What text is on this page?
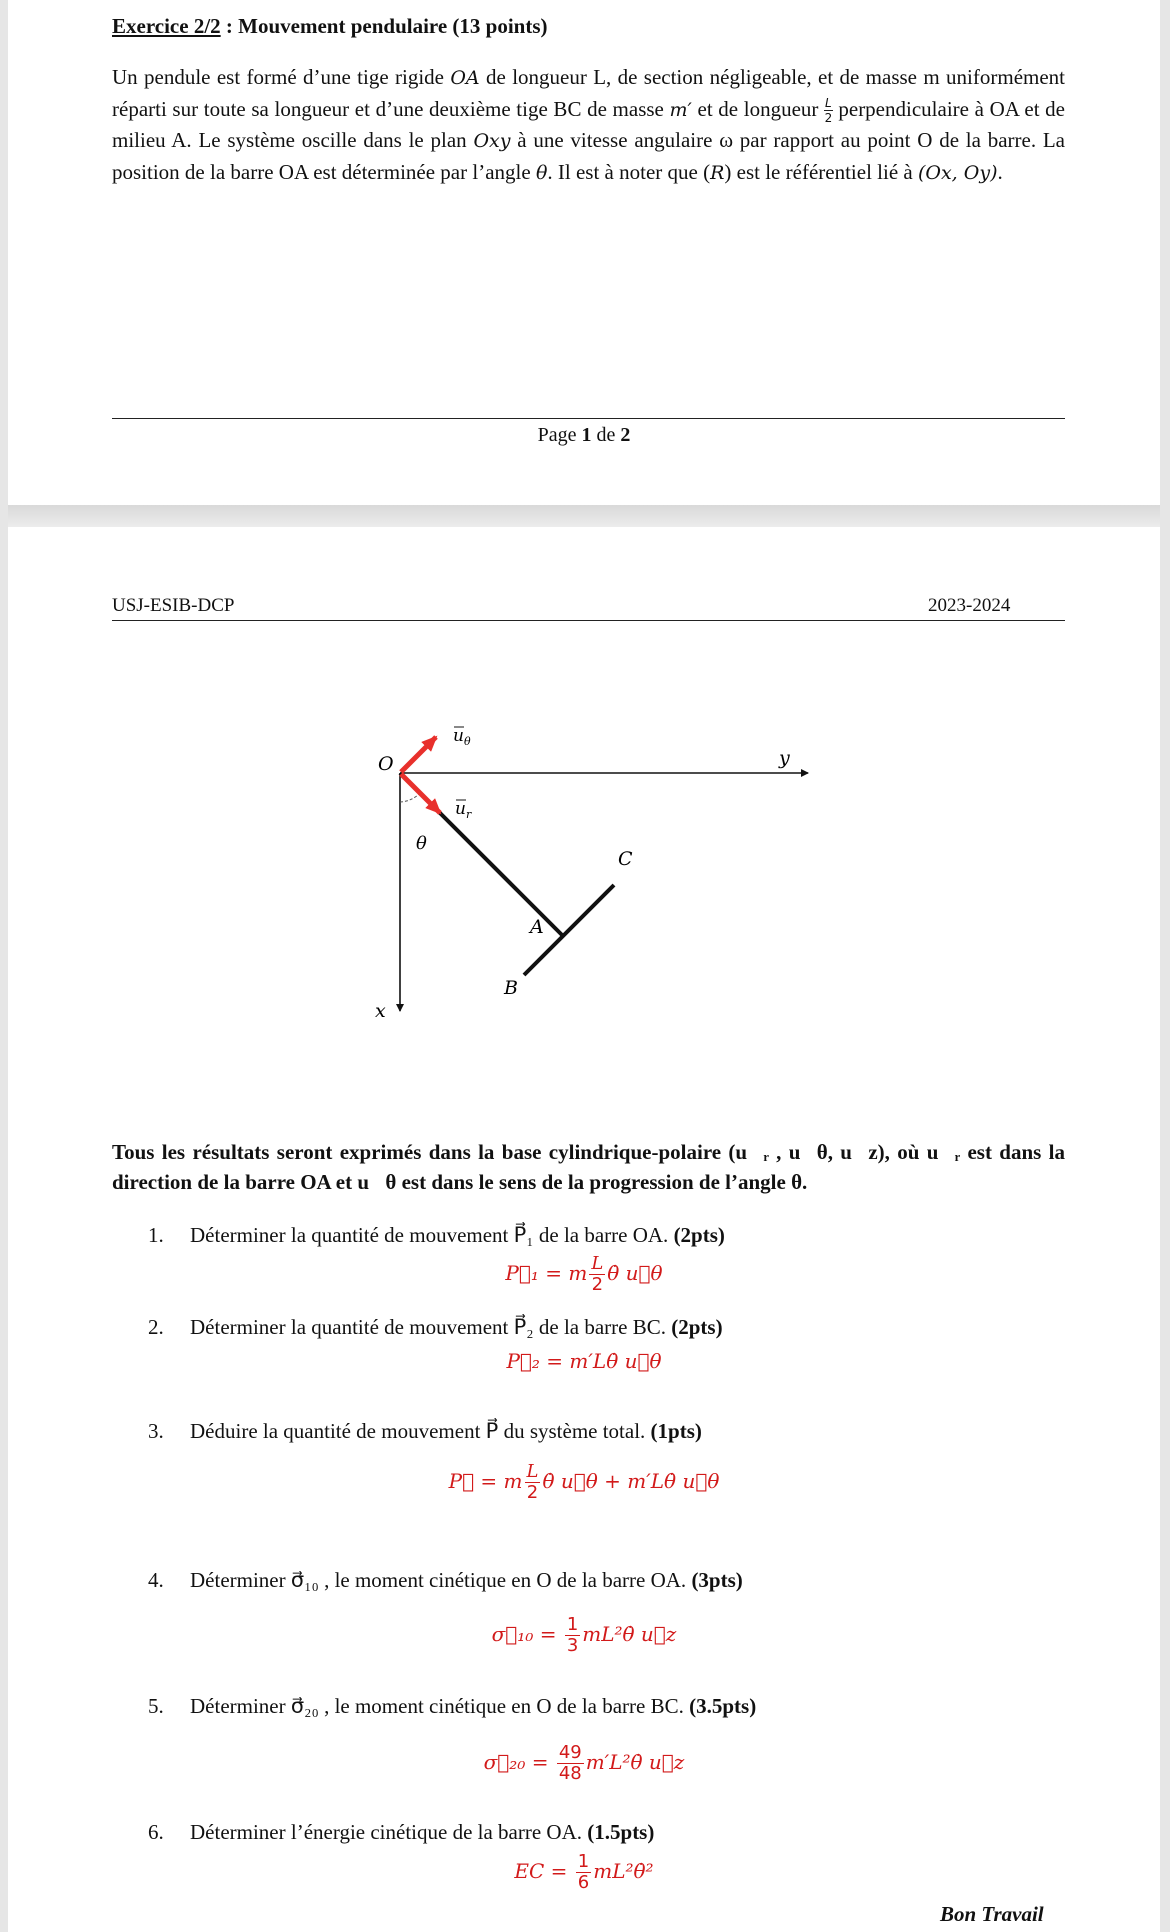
Exercice 2/2 : Mouvement pendulaire (13 points)
Un pendule est formé d’une tige rigide OA de longueur L, de section négligeable, et de masse m uniformément réparti sur toute sa longueur et d’une deuxième tige BC de masse m′ et de longueur $\frac{L}{2}$ perpendiculaire à OA et de milieu A. Le système oscille dans le plan Oxy à une vitesse angulaire ω par rapport au point O de la barre. La position de la barre OA est déterminée par l’angle θ. Il est à noter que (R) est le référentiel lié à (Ox, Oy).
Page 1 de 2
USJ-ESIB-DCP	2023-2024
O	y
x
θ
A
B
C
u θ
u r
Tous les résultats seront exprimés dans la base cylindrique-polaire (u⃗ᵣ , u⃗θ, u⃗z), où u⃗ᵣ est dans la direction de la barre OA et u⃗θ est dans le sens de la progression de l’angle θ.
1. Déterminer la quantité de mouvement P⃗₁ de la barre OA. (2pts)
P⃗₁ = m $\frac{L}{2}$ θ̇ u⃗θ
2. Déterminer la quantité de mouvement P⃗₂ de la barre BC. (2pts)
P⃗₂ = m′Lθ̇ u⃗θ
3. Déduire la quantité de mouvement P⃗ du système total. (1pts)
P⃗ = m $\frac{L}{2}$ θ̇ u⃗θ + m′Lθ̇ u⃗θ
4. Déterminer σ⃗₁₀ , le moment cinétique en O de la barre OA. (3pts)
σ⃗₁₀ = $\frac{1}{3}$ mL²θ̇ u⃗z
5. Déterminer σ⃗₂₀ , le moment cinétique en O de la barre BC. (3.5pts)
σ⃗₂₀ = $\frac{49}{48}$ m′L²θ̇ u⃗z
6. Déterminer l’énergie cinétique de la barre OA. (1.5pts)
EC = $\frac{1}{6}$ mL²θ̇²
Bon Travail
